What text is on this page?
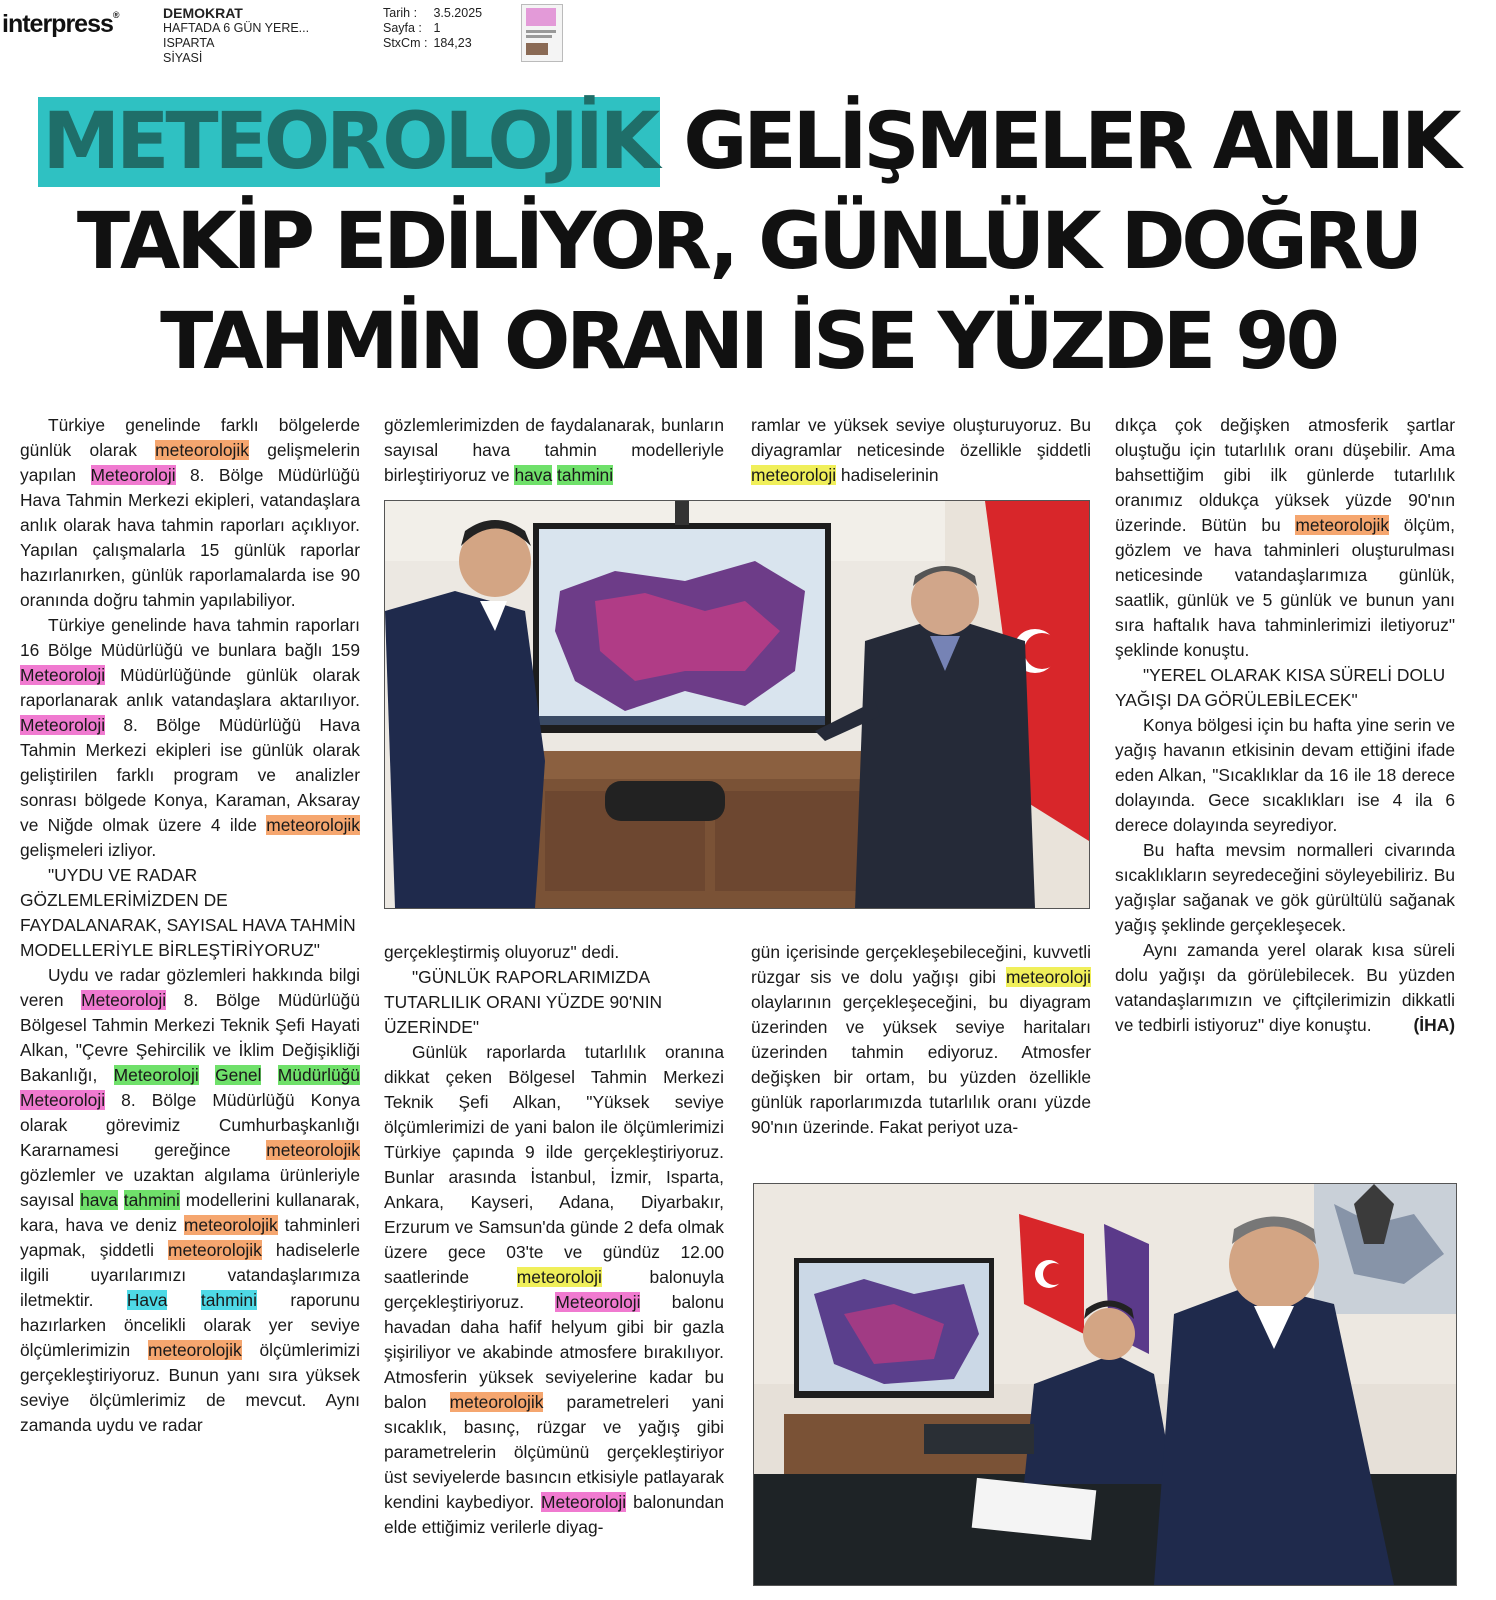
interpress®	DEMOKRAT
HAFTADA 6 GÜN YERE...
ISPARTA
SİYASİ
Tarih :	3.5.2025
Sayfa :	1
StxCm :	184,23
METEOROLOJİK GELİŞMELER ANLIK
TAKİP EDİLİYOR, GÜNLÜK DOĞRU
TAHMİN ORANI İSE YÜZDE 90

Türkiye genelinde farklı bölgelerde günlük olarak meteorolojik gelişmelerin yapılan Meteoroloji 8. Bölge Müdürlüğü Hava Tahmin Merkezi ekipleri, vatandaşlara anlık olarak hava tahmin raporları açıklıyor. Yapılan çalışmalarla 15 günlük raporlar hazırlanırken, günlük raporlamalarda ise 90 oranında doğru tahmin yapılabiliyor.

Türkiye genelinde hava tahmin raporları 16 Bölge Müdürlüğü ve bunlara bağlı 159 Meteoroloji Müdürlüğünde günlük olarak raporlanarak anlık vatandaşlara aktarılıyor. Meteoroloji 8. Bölge Müdürlüğü Hava Tahmin Merkezi ekipleri ise günlük olarak geliştirilen farklı program ve analizler sonrası bölgede Konya, Karaman, Aksaray ve Niğde olmak üzere 4 ilde meteorolojik gelişmeleri izliyor.

"UYDU VE RADAR GÖZLEMLERİMİZDEN DE FAYDALANARAK, SAYISAL HAVA TAHMİN MODELLERİYLE BİRLEŞTİRİYORUZ"

Uydu ve radar gözlemleri hakkında bilgi veren Meteoroloji 8. Bölge Müdürlüğü Bölgesel Tahmin Merkezi Teknik Şefi Hayati Alkan, "Çevre Şehircilik ve İklim Değişikliği Bakanlığı, Meteoroloji Genel Müdürlüğü Meteoroloji 8. Bölge Müdürlüğü Konya olarak görevimiz Cumhurbaşkanlığı Kararnamesi gereğince meteorolojik gözlemler ve uzaktan algılama ürünleriyle sayısal hava tahmini modellerini kullanarak, kara, hava ve deniz meteorolojik tahminleri yapmak, şiddetli meteorolojik hadiselerle ilgili uyarılarımızı vatandaşlarımıza iletmektir. Hava tahmini raporunu hazırlarken öncelikli olarak yer seviye ölçümlerimizin meteorolojik ölçümlerimizi gerçekleştiriyoruz. Bunun yanı sıra yüksek seviye ölçümlerimiz de mevcut. Aynı zamanda uydu ve radar

gözlemlerimizden de faydalanarak, bunların sayısal hava tahmin modelleriyle birleştiriyoruz ve hava tahmini

ramlar ve yüksek seviye oluşturuyoruz. Bu diyagramlar neticesinde özellikle şiddetli meteoroloji hadiselerinin

gerçekleştirmiş oluyoruz" dedi.

"GÜNLÜK RAPORLARIMIZDA TUTARLILIK ORANI YÜZDE 90'NIN ÜZERİNDE"

Günlük raporlarda tutarlılık oranına dikkat çeken Bölgesel Tahmin Merkezi Teknik Şefi Alkan, "Yüksek seviye ölçümlerimizi de yani balon ile ölçümlerimizi Türkiye çapında 9 ilde gerçekleştiriyoruz. Bunlar arasında İstanbul, İzmir, Isparta, Ankara, Kayseri, Adana, Diyarbakır, Erzurum ve Samsun'da günde 2 defa olmak üzere gece 03'te ve gündüz 12.00 saatlerinde meteoroloji balonuyla gerçekleştiriyoruz. Meteoroloji balonu havadan daha hafif helyum gibi bir gazla şişiriliyor ve akabinde atmosfere bırakılıyor. Atmosferin yüksek seviyelerine kadar bu balon meteorolojik parametreleri yani sıcaklık, basınç, rüzgar ve yağış gibi parametrelerin ölçümünü gerçekleştiriyor üst seviyelerde basıncın etkisiyle patlayarak kendini kaybediyor. Meteoroloji balonundan elde ettiğimiz verilerle diyag-

gün içerisinde gerçekleşebileceğini, kuvvetli rüzgar sis ve dolu yağışı gibi meteoroloji olaylarının gerçekleşeceğini, bu diyagram üzerinden ve yüksek seviye haritaları üzerinden tahmin ediyoruz. Atmosfer değişken bir ortam, bu yüzden özellikle günlük raporlarımızda tutarlılık oranı yüzde 90'nın üzerinde. Fakat periyot uza-

dıkça çok değişken atmosferik şartlar oluştuğu için tutarlılık oranı düşebilir. Ama bahsettiğim gibi ilk günlerde tutarlılık oranımız oldukça yüksek yüzde 90'nın üzerinde. Bütün bu meteorolojik ölçüm, gözlem ve hava tahminleri oluşturulması neticesinde vatandaşlarımıza günlük, saatlik, günlük ve 5 günlük ve bunun yanı sıra haftalık hava tahminlerimizi iletiyoruz" şeklinde konuştu.

"YEREL OLARAK KISA SÜRELİ DOLU YAĞIŞI DA GÖRÜLEBİLECEK"

Konya bölgesi için bu hafta yine serin ve yağış havanın etkisinin devam ettiğini ifade eden Alkan, "Sıcaklıklar da 16 ile 18 derece dolayında. Gece sıcaklıkları ise 4 ila 6 derece dolayında seyrediyor.

Bu hafta mevsim normalleri civarında sıcaklıkların seyredeceğini söyleyebiliriz. Bu yağışlar sağanak ve gök gürültülü sağanak yağış şeklinde gerçekleşecek.

Aynı zamanda yerel olarak kısa süreli dolu yağışı da görülebilecek. Bu yüzden vatandaşlarımızın ve çiftçilerimizin dikkatli ve tedbirli istiyoruz" diye konuştu.	(İHA)
